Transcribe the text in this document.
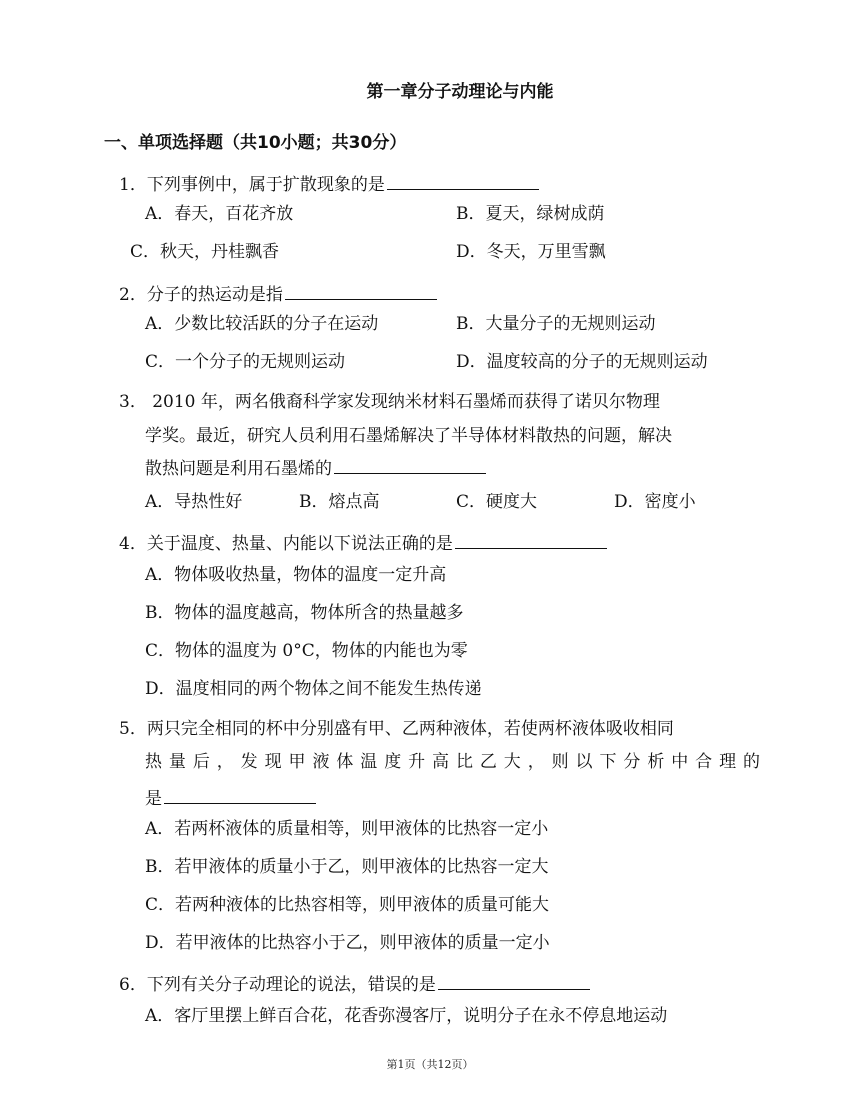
第一章分子动理论与内能
一、单项选择题（共10小题；共30分）
1．下列事例中，属于扩散现象的是
A．春天，百花齐放	B．夏天，绿树成荫
C．秋天，丹桂飘香	D．冬天，万里雪飘
2．分子的热运动是指
A．少数比较活跃的分子在运动	B．大量分子的无规则运动
C．一个分子的无规则运动	D．温度较高的分子的无规则运动
3． 2010 年，两名俄裔科学家发现纳米材料石墨烯而获得了诺贝尔物理
学奖。最近，研究人员利用石墨烯解决了半导体材料散热的问题，解决
散热问题是利用石墨烯的
A．导热性好	B．熔点高	C．硬度大	D．密度小
4．关于温度、热量、内能以下说法正确的是
A．物体吸收热量，物体的温度一定升高
B．物体的温度越高，物体所含的热量越多
C．物体的温度为 0°C，物体的内能也为零
D．温度相同的两个物体之间不能发生热传递
5．两只完全相同的杯中分别盛有甲、乙两种液体，若使两杯液体吸收相同
热量后，发现甲液体温度升高比乙大，则以下分析中合理的
是
A．若两杯液体的质量相等，则甲液体的比热容一定小
B．若甲液体的质量小于乙，则甲液体的比热容一定大
C．若两种液体的比热容相等，则甲液体的质量可能大
D．若甲液体的比热容小于乙，则甲液体的质量一定小
6．下列有关分子动理论的说法，错误的是
A．客厅里摆上鲜百合花，花香弥漫客厅，说明分子在永不停息地运动
第1页（共12页）
